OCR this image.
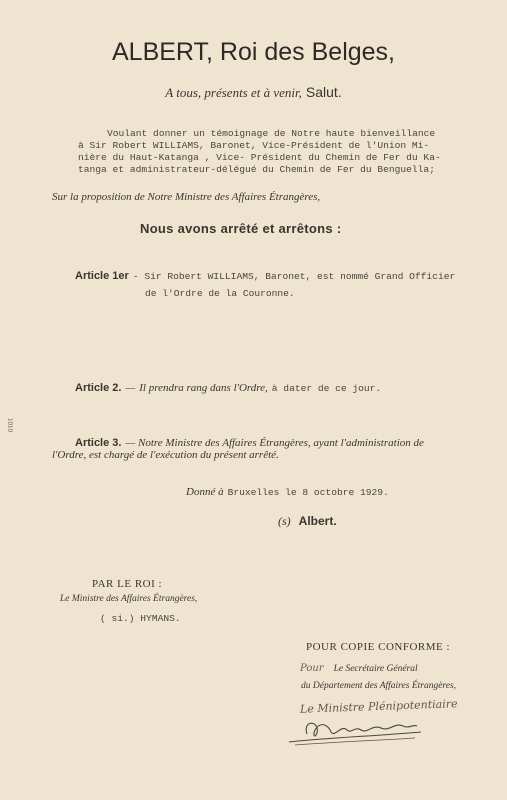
ALBERT, Roi des Belges,
A tous, présents et à venir, Salut.
Voulant donner un témoignage de Notre haute bienveillance
à Sir Robert WILLIAMS, Baronet, Vice-Président de l'Union Mi-
nière du Haut-Katanga , Vice- Président du Chemin de Fer du Ka-
tanga et administrateur-délégué du Chemin de Fer du Benguella;
Sur la proposition de Notre Ministre des Affaires Étrangères,
Nous avons arrêté et arrêtons :
Article 1er - Sir Robert WILLIAMS, Baronet, est nommé Grand Officier
de l'Ordre de la Couronne.
Article 2. — Il prendra rang dans l'Ordre, à dater de ce jour.
Article 3. — Notre Ministre des Affaires Étrangères, ayant l'administration de
l'Ordre, est chargé de l'exécution du présent arrêté.
Donné à Bruxelles le 8 octobre 1929.
(s) Albert.
PAR LE ROI :
Le Ministre des Affaires Étrangères,
( si.) HYMANS.
POUR COPIE CONFORME :
Pour Le Secrétaire Général
du Département des Affaires Étrangères,
Le Ministre Plénipotentiaire
1010
